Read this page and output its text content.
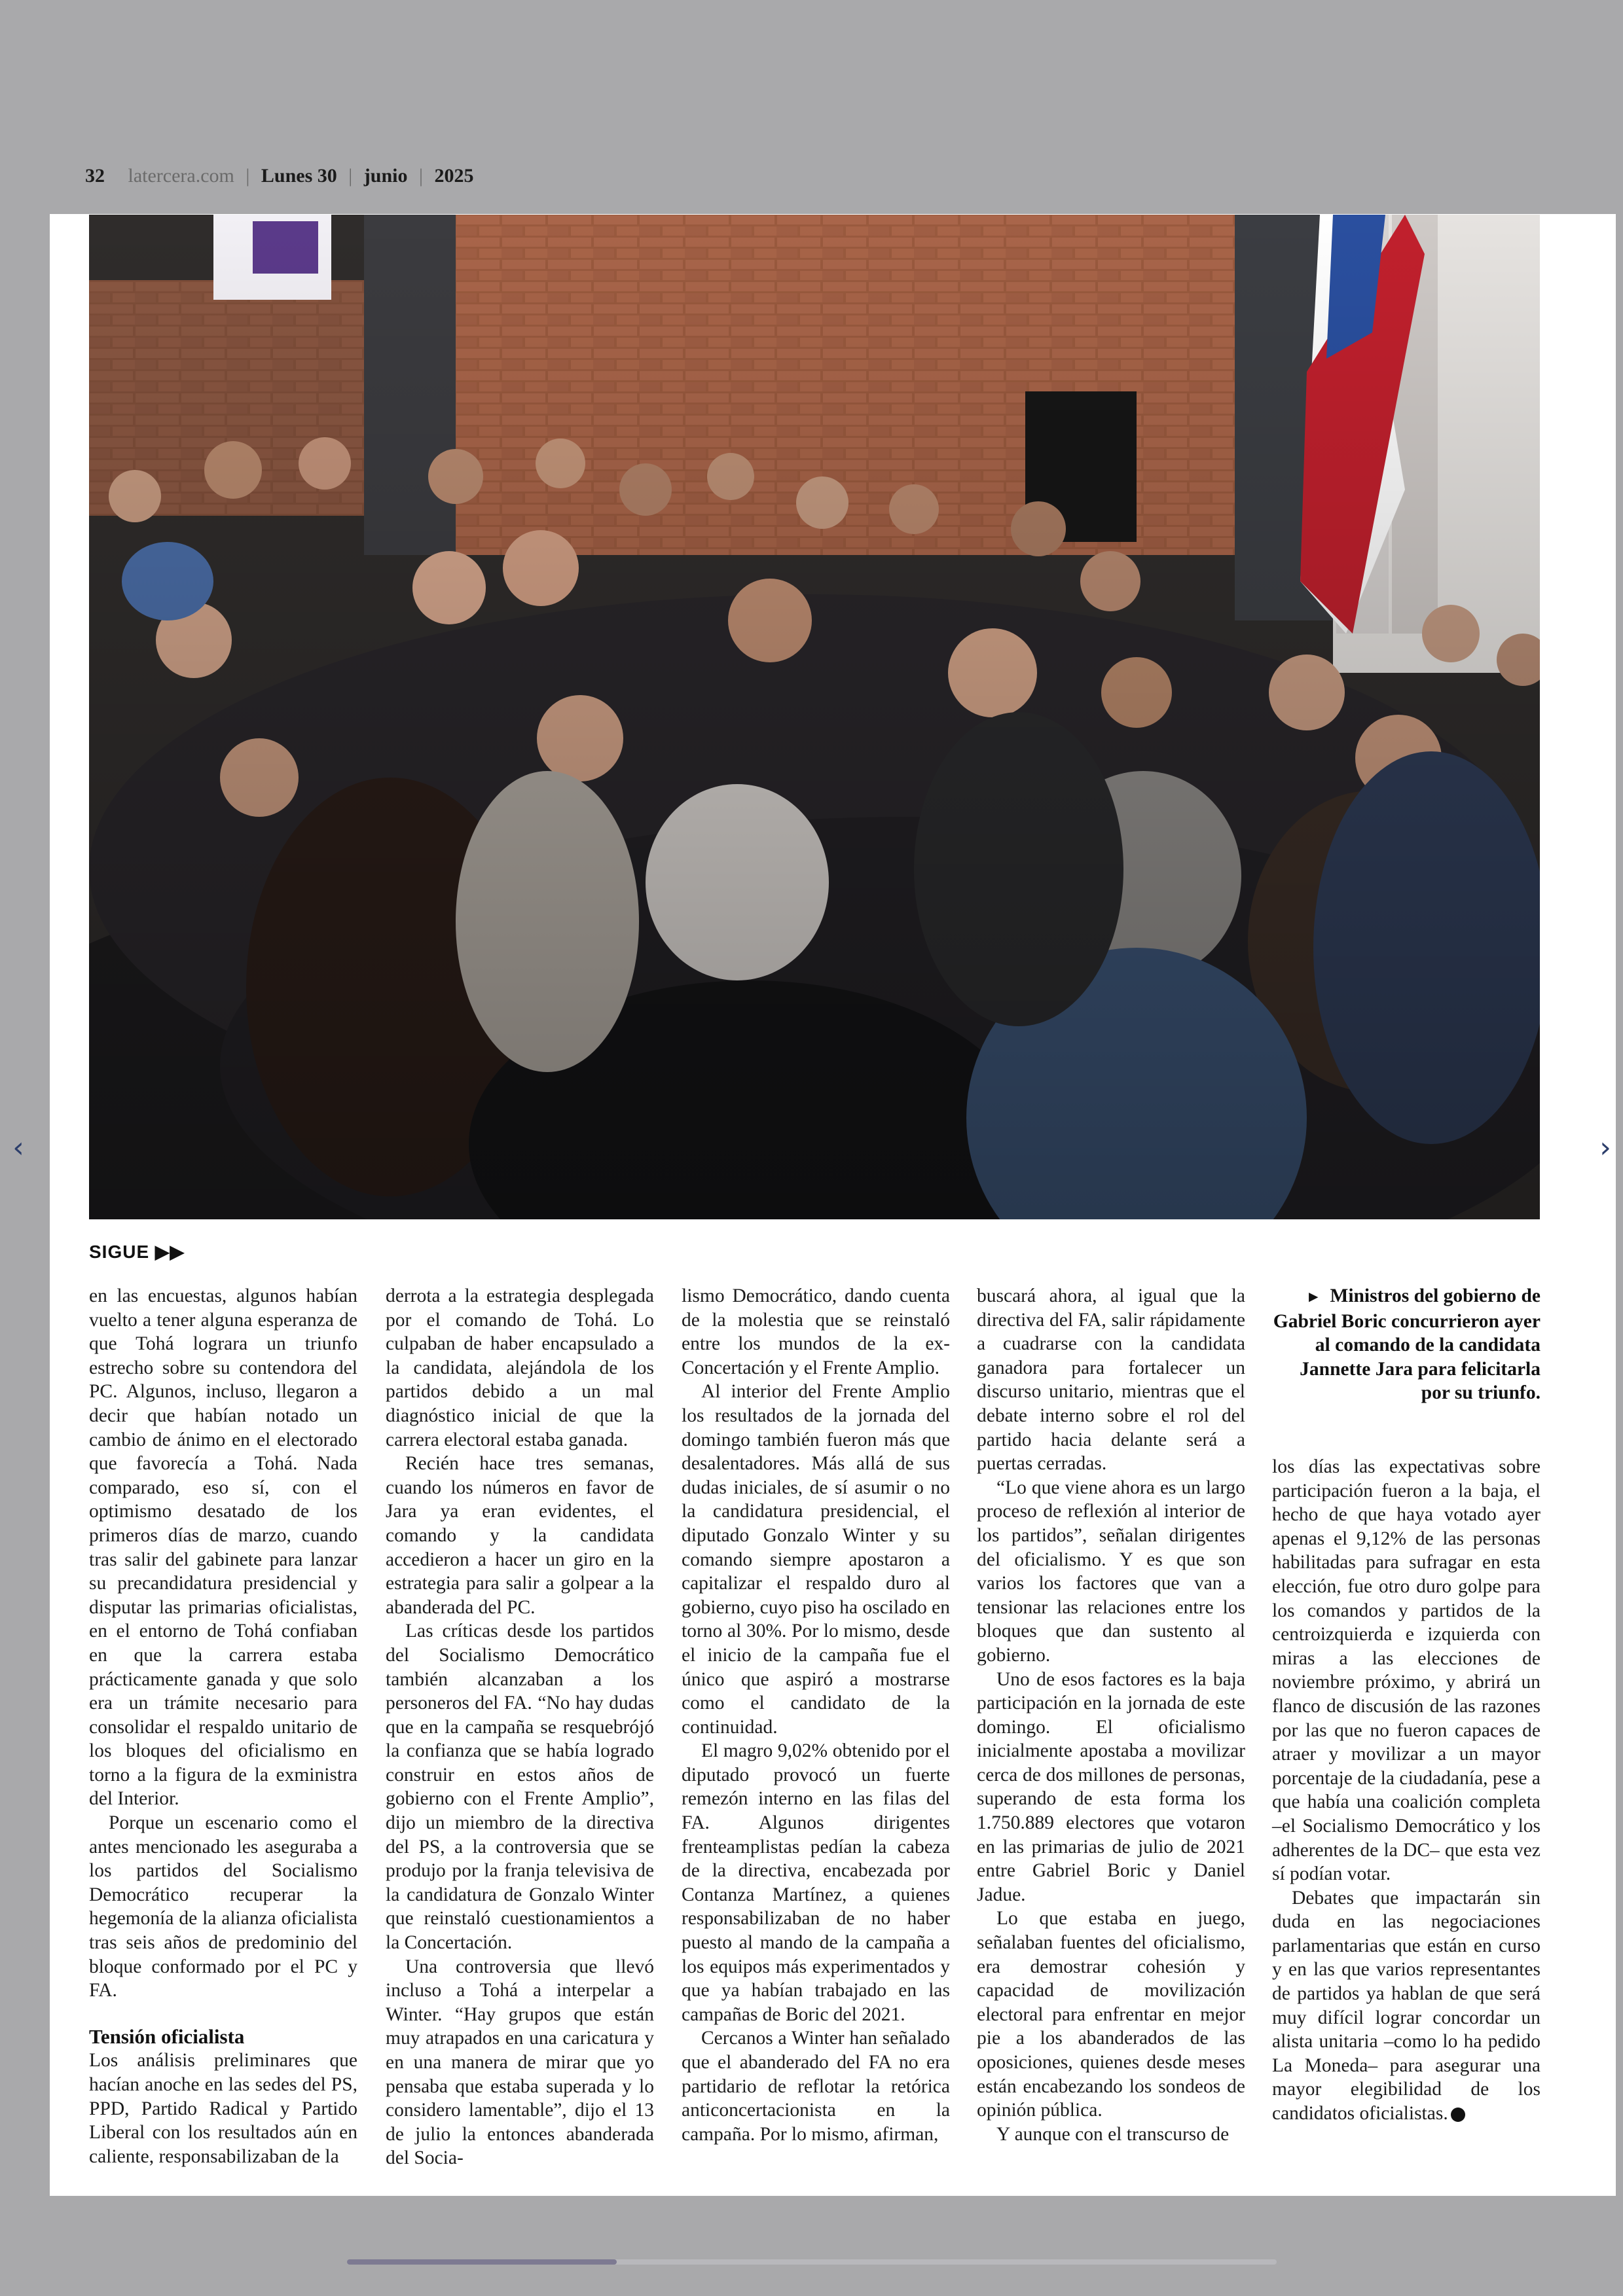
32 latercera.com | Lunes 30 | junio | 2025
SIGUE ▶▶

en las encuestas, algunos habían vuelto a tener alguna esperanza de que Tohá lograra un triunfo estrecho sobre su contendora del PC. Algunos, incluso, llegaron a decir que habían notado un cambio de ánimo en el electorado que favorecía a Tohá. Nada comparado, eso sí, con el optimismo desatado de los primeros días de marzo, cuando tras salir del gabinete para lanzar su precandidatura presidencial y disputar las primarias oficialistas, en el entorno de Tohá confiaban en que la carrera estaba prácticamente ganada y que solo era un trámite necesario para consolidar el respaldo unitario de los bloques del oficialismo en torno a la figura de la exministra del Interior.

Porque un escenario como el antes mencionado les aseguraba a los partidos del Socialismo Democrático recuperar la hegemonía de la alianza oficialista tras seis años de predominio del bloque conformado por el PC y FA.

Tensión oficialista

Los análisis preliminares que hacían anoche en las sedes del PS, PPD, Partido Radical y Partido Liberal con los resultados aún en caliente, responsabilizaban de la

derrota a la estrategia desplegada por el comando de Tohá. Lo culpaban de haber encapsulado a la candidata, alejándola de los partidos debido a un mal diagnóstico inicial de que la carrera electoral estaba ganada.

Recién hace tres semanas, cuando los números en favor de Jara ya eran evidentes, el comando y la candidata accedieron a hacer un giro en la estrategia para salir a golpear a la abanderada del PC.

Las críticas desde los partidos del Socialismo Democrático también alcanzaban a los personeros del FA. “No hay dudas que en la campaña se resquebrójó la confianza que se había logrado construir en estos años de gobierno con el Frente Amplio”, dijo un miembro de la directiva del PS, a la controversia que se produjo por la franja televisiva de la candidatura de Gonzalo Winter que reinstaló cuestionamientos a la Concertación.

Una controversia que llevó incluso a Tohá a interpelar a Winter. “Hay grupos que están muy atrapados en una caricatura y en una manera de mirar que yo pensaba que estaba superada y lo considero lamentable”, dijo el 13 de julio la entonces abanderada del Socia-

lismo Democrático, dando cuenta de la molestia que se reinstaló entre los mundos de la ex-Concertación y el Frente Amplio.

Al interior del Frente Amplio los resultados de la jornada del domingo también fueron más que desalentadores. Más allá de sus dudas iniciales, de sí asumir o no la candidatura presidencial, el diputado Gonzalo Winter y su comando siempre apostaron a capitalizar el respaldo duro al gobierno, cuyo piso ha oscilado en torno al 30%. Por lo mismo, desde el inicio de la campaña fue el único que aspiró a mostrarse como el candidato de la continuidad.

El magro 9,02% obtenido por el diputado provocó un fuerte remezón interno en las filas del FA. Algunos dirigentes frenteamplistas pedían la cabeza de la directiva, encabezada por Contanza Martínez, a quienes responsabilizaban de no haber puesto al mando de la campaña a los equipos más experimentados y que ya habían trabajado en las campañas de Boric del 2021.

Cercanos a Winter han señalado que el abanderado del FA no era partidario de reflotar la retórica anticoncertacionista en la campaña. Por lo mismo, afirman,

buscará ahora, al igual que la directiva del FA, salir rápidamente a cuadrarse con la candidata ganadora para fortalecer un discurso unitario, mientras que el debate interno sobre el rol del partido hacia delante será a puertas cerradas.

“Lo que viene ahora es un largo proceso de reflexión al interior de los partidos”, señalan dirigentes del oficialismo. Y es que son varios los factores que van a tensionar las relaciones entre los bloques que dan sustento al gobierno.

Uno de esos factores es la baja participación en la jornada de este domingo. El oficialismo inicialmente apostaba a movilizar cerca de dos millones de personas, superando de esta forma los 1.750.889 electores que votaron en las primarias de julio de 2021 entre Gabriel Boric y Daniel Jadue.

Lo que estaba en juego, señalaban fuentes del oficialismo, era demostrar cohesión y capacidad de movilización electoral para enfrentar en mejor pie a los abanderados de las oposiciones, quienes desde meses están encabezando los sondeos de opinión pública.

Y aunque con el transcurso de

► Ministros del gobierno de Gabriel Boric concurrieron ayer al comando de la candidata Jannette Jara para felicitarla por su triunfo.

los días las expectativas sobre participación fueron a la baja, el hecho de que haya votado ayer apenas el 9,12% de las personas habilitadas para sufragar en esta elección, fue otro duro golpe para los comandos y partidos de la centroizquierda e izquierda con miras a las elecciones de noviembre próximo, y abrirá un flanco de discusión de las razones por las que no fueron capaces de atraer y movilizar a un mayor porcentaje de la ciudadanía, pese a que había una coalición completa –el Socialismo Democrático y los adherentes de la DC– que esta vez sí podían votar.

Debates que impactarán sin duda en las negociaciones parlamentarias que están en curso y en las que varios representantes de partidos ya hablan de que será muy difícil lograr concordar un alista unitaria –como lo ha pedido La Moneda– para asegurar una mayor elegibilidad de los candidatos oficialistas.

‹	›
